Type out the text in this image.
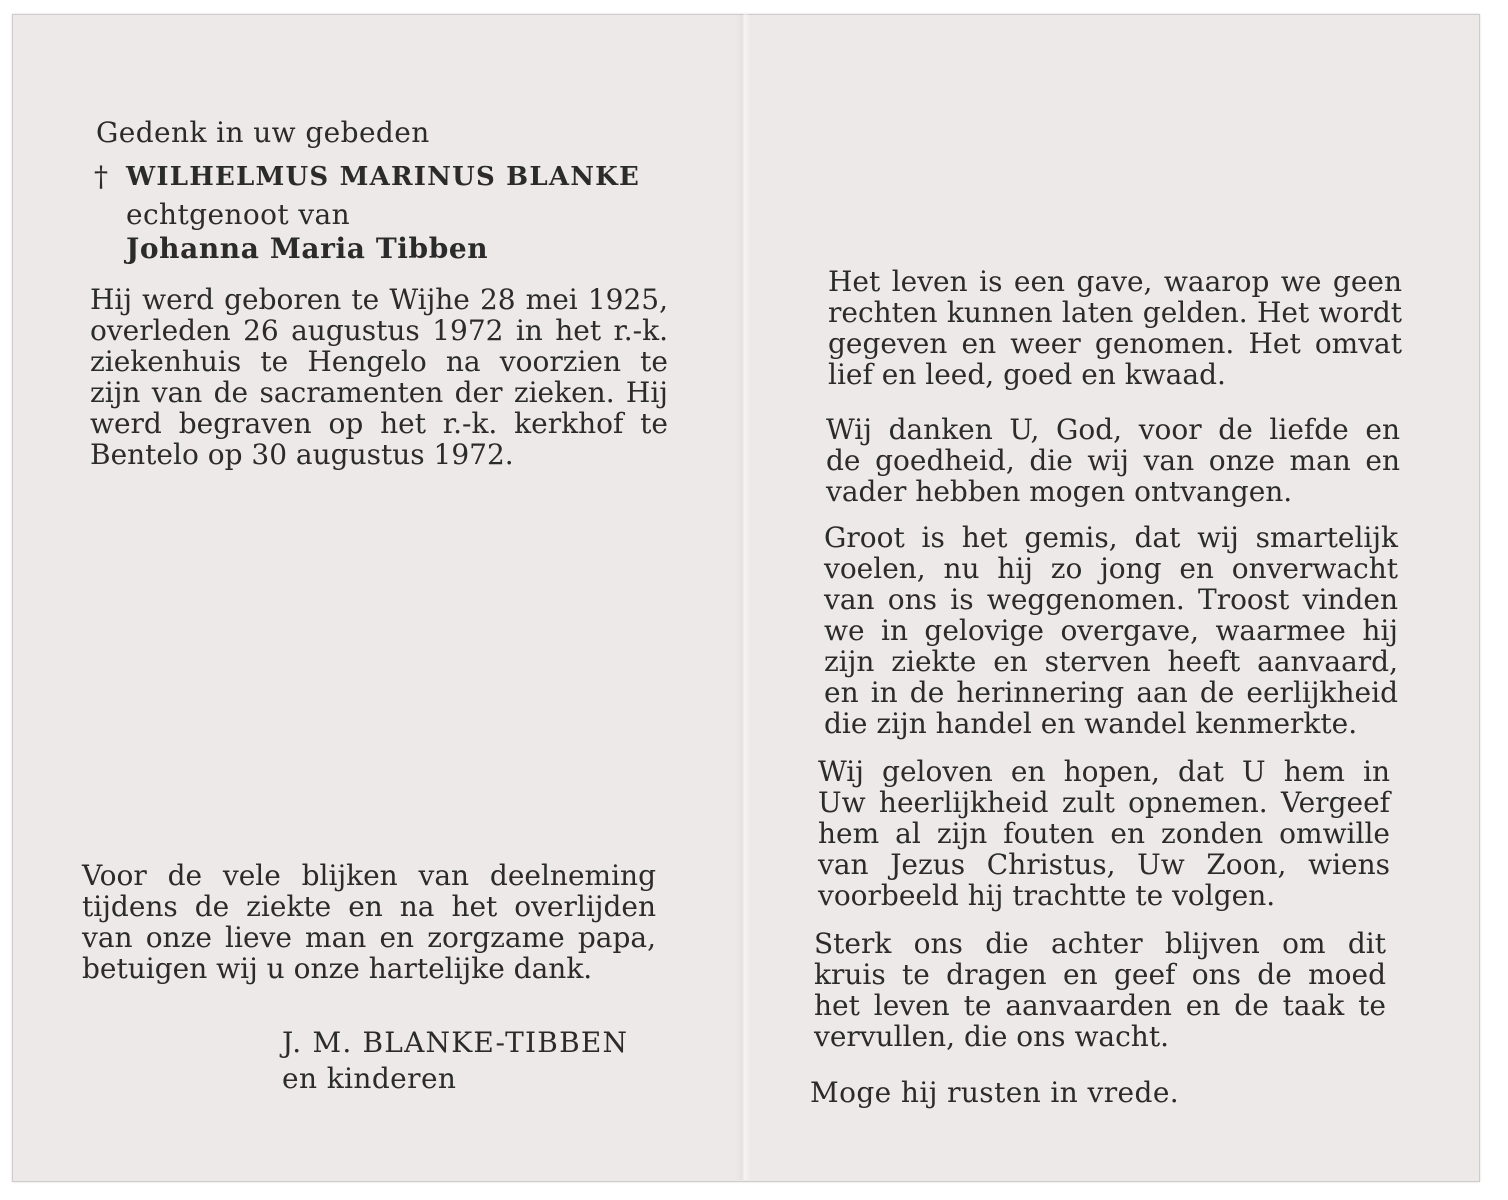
Gedenk in uw gebeden
† WILHELMUS MARINUS BLANKE
echtgenoot van
Johanna Maria Tibben
Hij werd geboren te Wijhe 28 mei 1925,
overleden 26 augustus 1972 in het r.-k.
ziekenhuis te Hengelo na voorzien te
zijn van de sacramenten der zieken. Hij
werd begraven op het r.-k. kerkhof te
Bentelo op 30 augustus 1972.
Voor de vele blijken van deelneming
tijdens de ziekte en na het overlijden
van onze lieve man en zorgzame papa,
betuigen wij u onze hartelijke dank.
J. M. BLANKE-TIBBEN
en kinderen
Het leven is een gave, waarop we geen
rechten kunnen laten gelden. Het wordt
gegeven en weer genomen. Het omvat
lief en leed, goed en kwaad.
Wij danken U, God, voor de liefde en
de goedheid, die wij van onze man en
vader hebben mogen ontvangen.
Groot is het gemis, dat wij smartelijk
voelen, nu hij zo jong en onverwacht
van ons is weggenomen. Troost vinden
we in gelovige overgave, waarmee hij
zijn ziekte en sterven heeft aanvaard,
en in de herinnering aan de eerlijkheid
die zijn handel en wandel kenmerkte.
Wij geloven en hopen, dat U hem in
Uw heerlijkheid zult opnemen. Vergeef
hem al zijn fouten en zonden omwille
van Jezus Christus, Uw Zoon, wiens
voorbeeld hij trachtte te volgen.
Sterk ons die achter blijven om dit
kruis te dragen en geef ons de moed
het leven te aanvaarden en de taak te
vervullen, die ons wacht.
Moge hij rusten in vrede.
